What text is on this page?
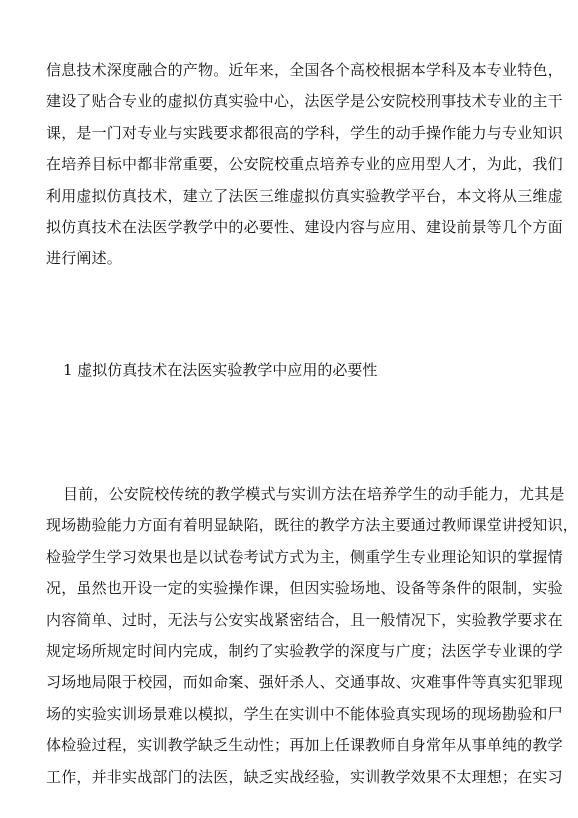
信息技术深度融合的产物。近年来，全国各个高校根据本学科及本专业特色，
建设了贴合专业的虚拟仿真实验中心，法医学是公安院校刑事技术专业的主干
课，是一门对专业与实践要求都很高的学科，学生的动手操作能力与专业知识
在培养目标中都非常重要，公安院校重点培养专业的应用型人才，为此，我们
利用虚拟仿真技术，建立了法医三维虚拟仿真实验教学平台，本文将从三维虚
拟仿真技术在法医学教学中的必要性、建设内容与应用、建设前景等几个方面
进行阐述。
1 虚拟仿真技术在法医实验教学中应用的必要性
目前，公安院校传统的教学模式与实训方法在培养学生的动手能力，尤其是
现场勘验能力方面有着明显缺陷，既往的教学方法主要通过教师课堂讲授知识，
检验学生学习效果也是以试卷考试方式为主，侧重学生专业理论知识的掌握情
况，虽然也开设一定的实验操作课，但因实验场地、设备等条件的限制，实验
内容简单、过时，无法与公安实战紧密结合，且一般情况下，实验教学要求在
规定场所规定时间内完成，制约了实验教学的深度与广度；法医学专业课的学
习场地局限于校园，而如命案、强奸杀人、交通事故、灾难事件等真实犯罪现
场的实验实训场景难以模拟，学生在实训中不能体验真实现场的现场勘验和尸
体检验过程，实训教学缺乏生动性；再加上任课教师自身常年从事单纯的教学
工作，并非实战部门的法医，缺乏实战经验，实训教学效果不太理想；在实习
